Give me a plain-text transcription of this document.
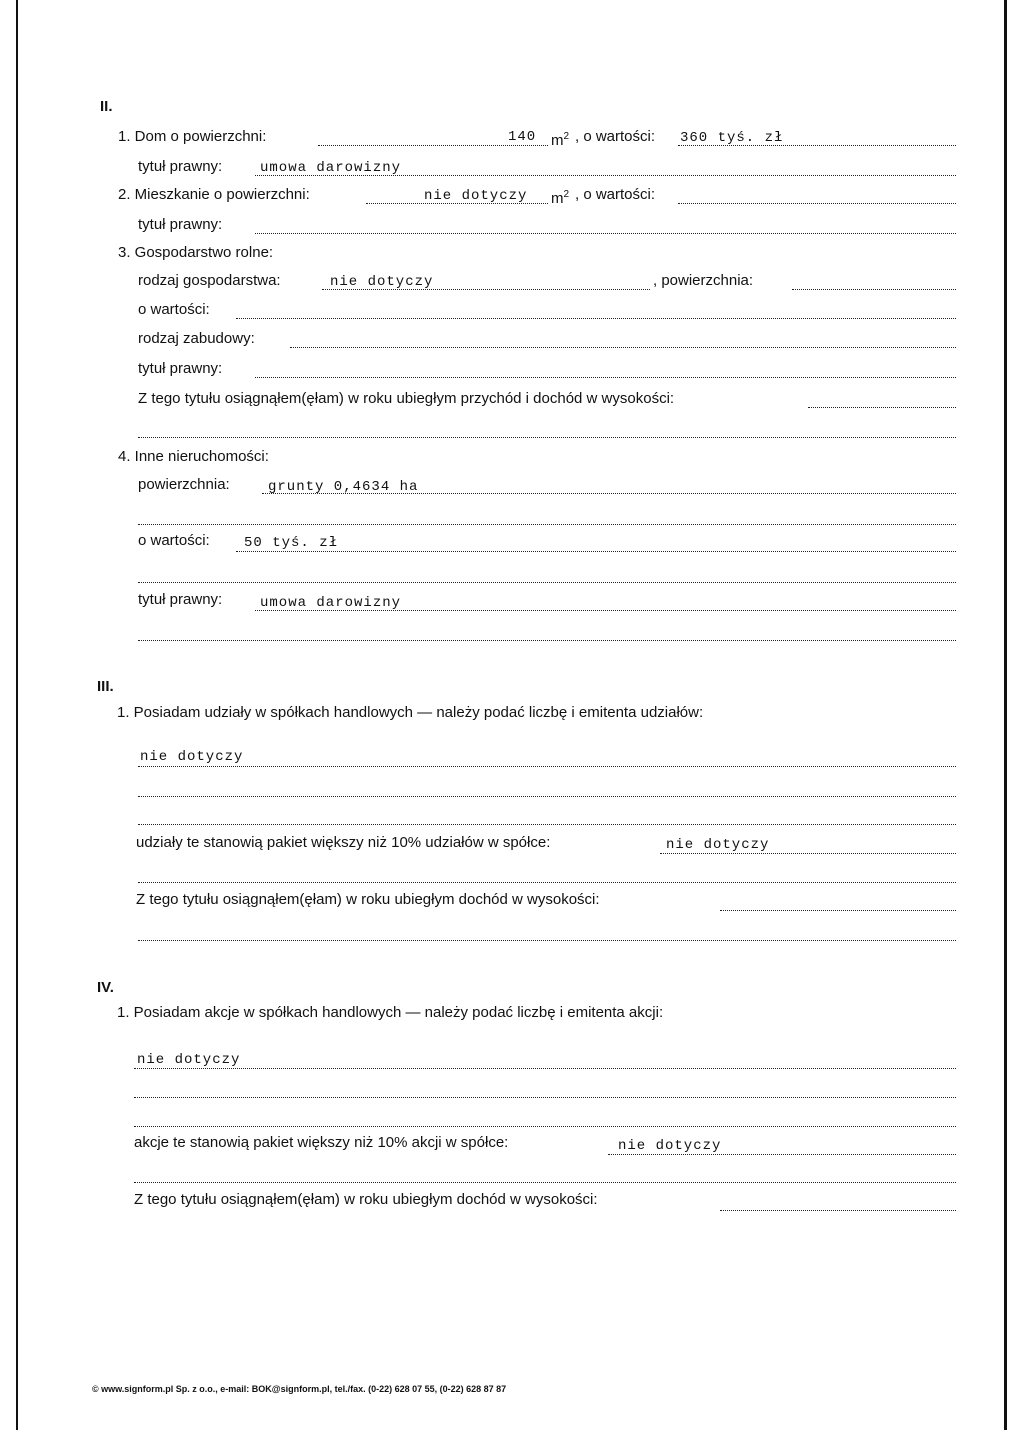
II.
1. Dom o powierzchni:	140 $m^2$ , o wartości: 360 tyś. zł
tytuł prawny:	umowa darowizny
2. Mieszkanie o powierzchni:	nie dotyczy $m^2$ , o wartości:
tytuł prawny:
3. Gospodarstwo rolne:
rodzaj gospodarstwa:	nie dotyczy	, powierzchnia:
o wartości:
rodzaj zabudowy:
tytuł prawny:
Z tego tytułu osiągnąłem(ęłam) w roku ubiegłym przychód i dochód w wysokości:
4. Inne nieruchomości:
powierzchnia:	grunty 0,4634 ha
o wartości: 50 tyś. zł
tytuł prawny:	umowa darowizny
III.
1. Posiadam udziały w spółkach handlowych — należy podać liczbę i emitenta udziałów:
nie dotyczy
udziały te stanowią pakiet większy niż 10% udziałów w spółce:	nie dotyczy
Z tego tytułu osiągnąłem(ęłam) w roku ubiegłym dochód w wysokości:
IV.
1. Posiadam akcje w spółkach handlowych — należy podać liczbę i emitenta akcji:
nie dotyczy
akcje te stanowią pakiet większy niż 10% akcji w spółce:	nie dotyczy
Z tego tytułu osiągnąłem(ęłam) w roku ubiegłym dochód w wysokości:
© www.signform.pl Sp. z o.o., e-mail: BOK@signform.pl, tel./fax. (0-22) 628 07 55, (0-22) 628 87 87
